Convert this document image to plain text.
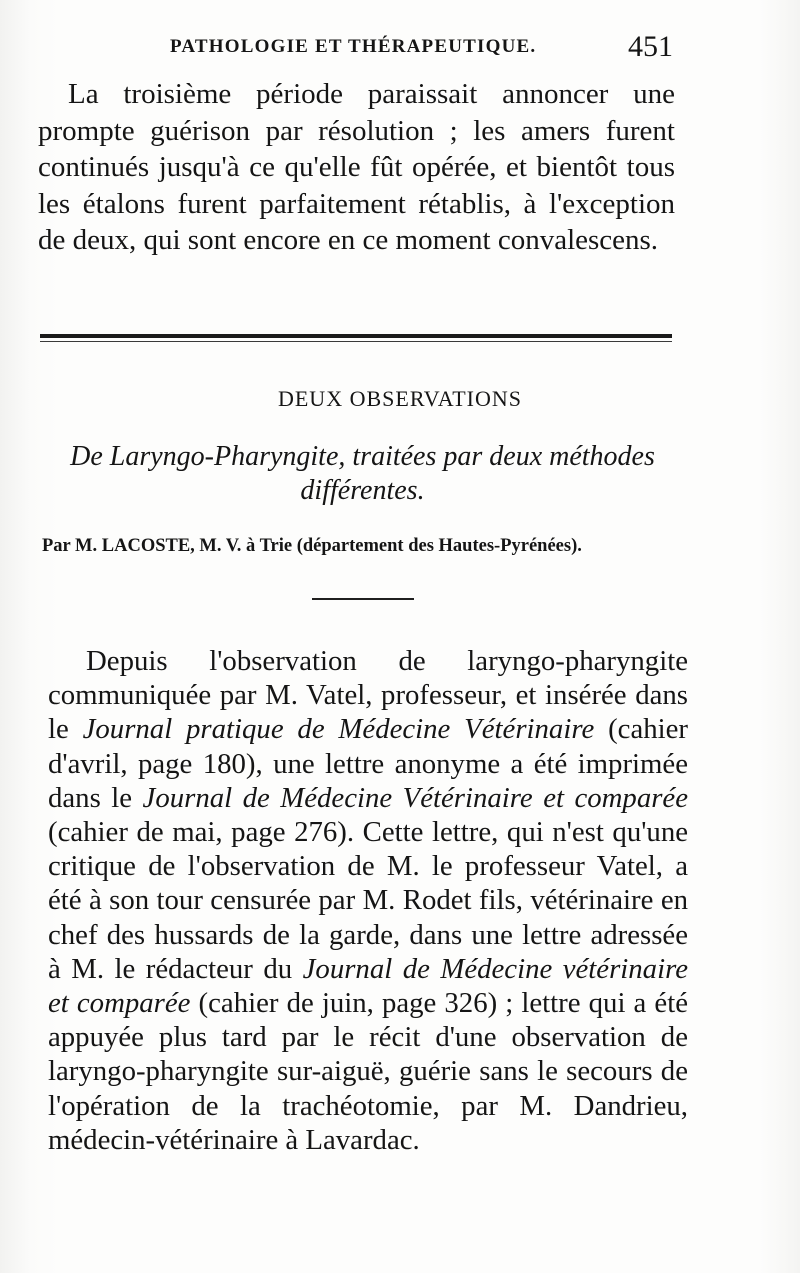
PATHOLOGIE ET THÉRAPEUTIQUE.	451

La troisième période paraissait annoncer une prompte guérison par résolution ; les amers furent continués jusqu'à ce qu'elle fût opérée, et bientôt tous les étalons furent parfaitement rétablis, à l'exception de deux, qui sont encore en ce moment convalescens.

DEUX OBSERVATIONS
De Laryngo-Pharyngite, traitées par deux méthodes différentes.
Par M. LACOSTE, M. V. à Trie (département des Hautes-Pyrénées).

Depuis l'observation de laryngo-pharyngite communiquée par M. Vatel, professeur, et insérée dans le Journal pratique de Médecine Vétérinaire (cahier d'avril, page 180), une lettre anonyme a été imprimée dans le Journal de Médecine Vétérinaire et comparée (cahier de mai, page 276). Cette lettre, qui n'est qu'une critique de l'observation de M. le professeur Vatel, a été à son tour censurée par M. Rodet fils, vétérinaire en chef des hussards de la garde, dans une lettre adressée à M. le rédacteur du Journal de Médecine vétérinaire et comparée (cahier de juin, page 326) ; lettre qui a été appuyée plus tard par le récit d'une observation de laryngo-pharyngite sur-aiguë, guérie sans le secours de l'opération de la trachéotomie, par M. Dandrieu, médecin-vétérinaire à Lavardac.
